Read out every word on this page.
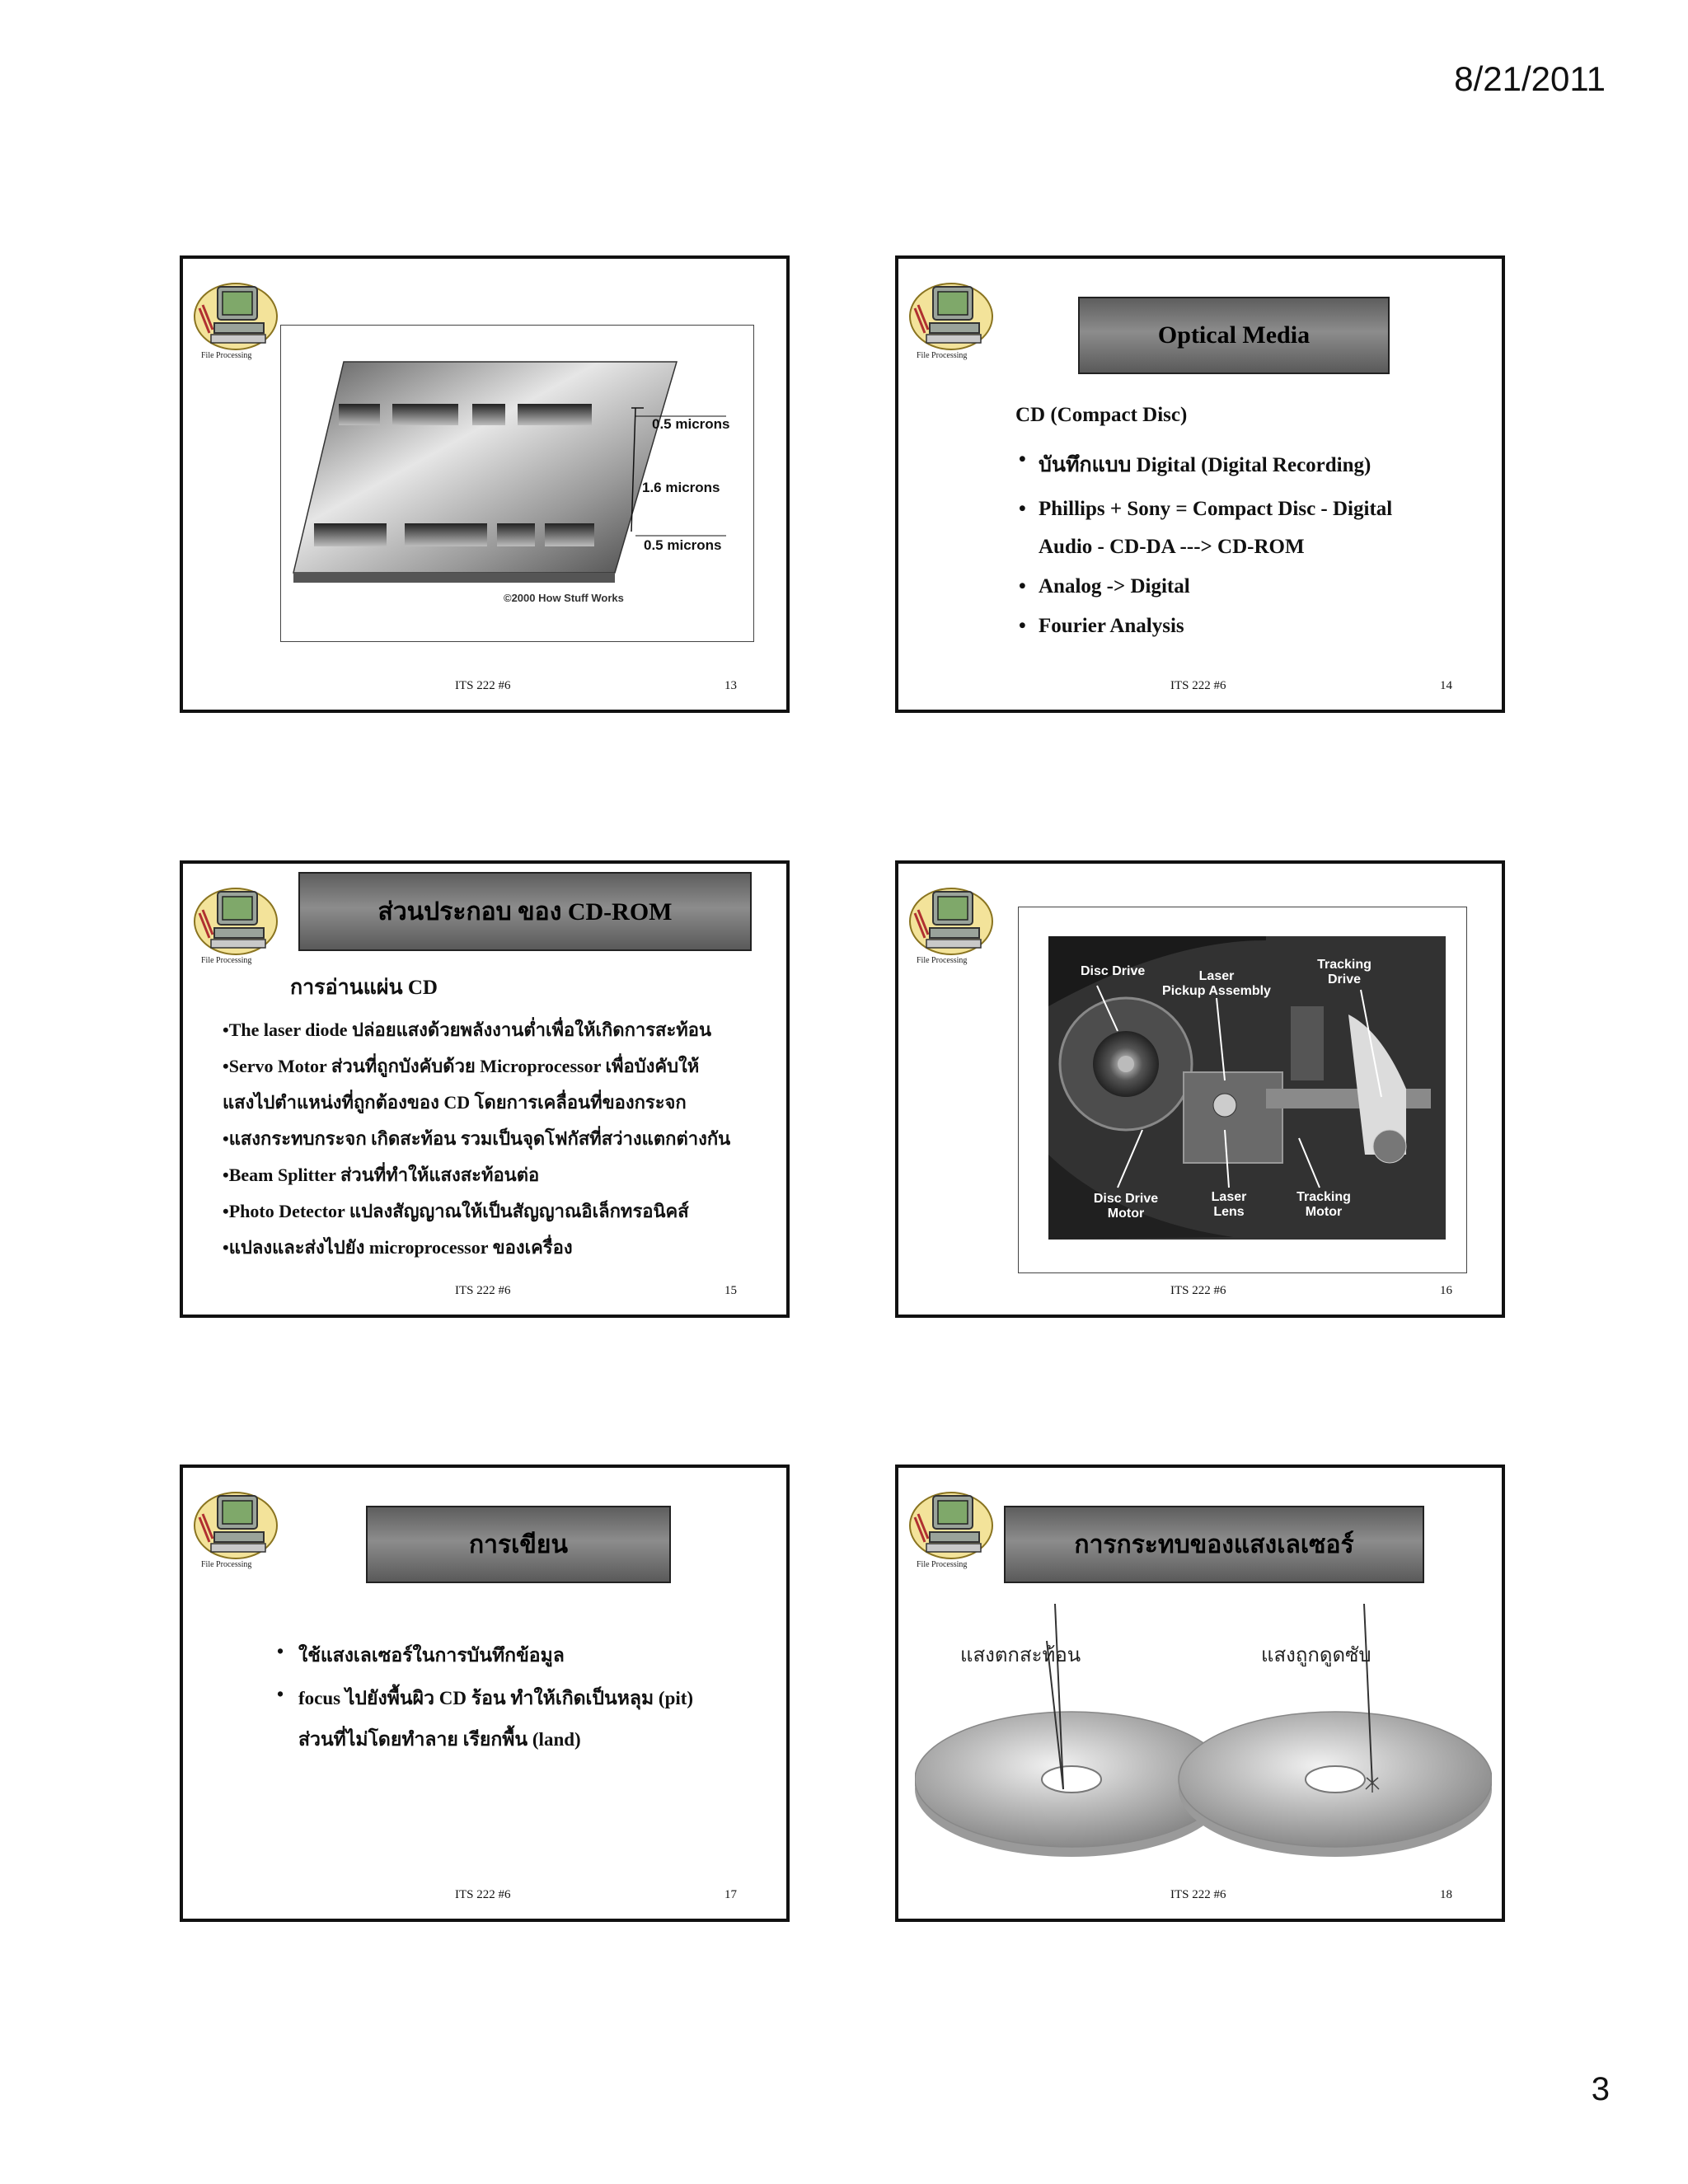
8/21/2011
File Processing
0.5 microns
1.6 microns
0.5 microns
©2000 How Stuff Works
ITS 222 #6	13
File Processing
Optical Media
CD (Compact Disc)
• บันทึกแบบ Digital (Digital Recording)
• Phillips + Sony = Compact Disc - Digital
Audio - CD-DA ---> CD-ROM
• Analog -> Digital
• Fourier Analysis
ITS 222 #6	14
File Processing
ส่วนประกอบ ของ CD-ROM
การอ่านแผ่น CD
•The laser diode ปล่อยแสงด้วยพลังงานต่ำเพื่อให้เกิดการสะท้อน
•Servo Motor ส่วนที่ถูกบังคับด้วย Microprocessor เพื่อบังคับให้
แสงไปตำแหน่งที่ถูกต้องของ CD โดยการเคลื่อนที่ของกระจก
•แสงกระทบกระจก เกิดสะท้อน รวมเป็นจุดโฟกัสที่สว่างแตกต่างกัน
•Beam Splitter ส่วนที่ทำให้แสงสะท้อนต่อ
•Photo Detector แปลงสัญญาณให้เป็นสัญญาณอิเล็กทรอนิคส์
•แปลงและส่งไปยัง microprocessor ของเครื่อง
ITS 222 #6	15
File Processing
Disc Drive	Laser
Pickup Assembly
Tracking
Drive
Disc Drive
Motor
Laser
Lens
Tracking
Motor
ITS 222 #6	16
File Processing
การเขียน
• ใช้แสงเลเซอร์ในการบันทึกข้อมูล
• focus ไปยังพื้นผิว CD ร้อน ทำให้เกิดเป็นหลุม (pit)
ส่วนที่ไม่โดยทำลาย เรียกพื้น (land)
ITS 222 #6	17
File Processing
การกระทบของแสงเลเซอร์
แสงตกสะท้อน	แสงถูกดูดซับ
ITS 222 #6	18
3
